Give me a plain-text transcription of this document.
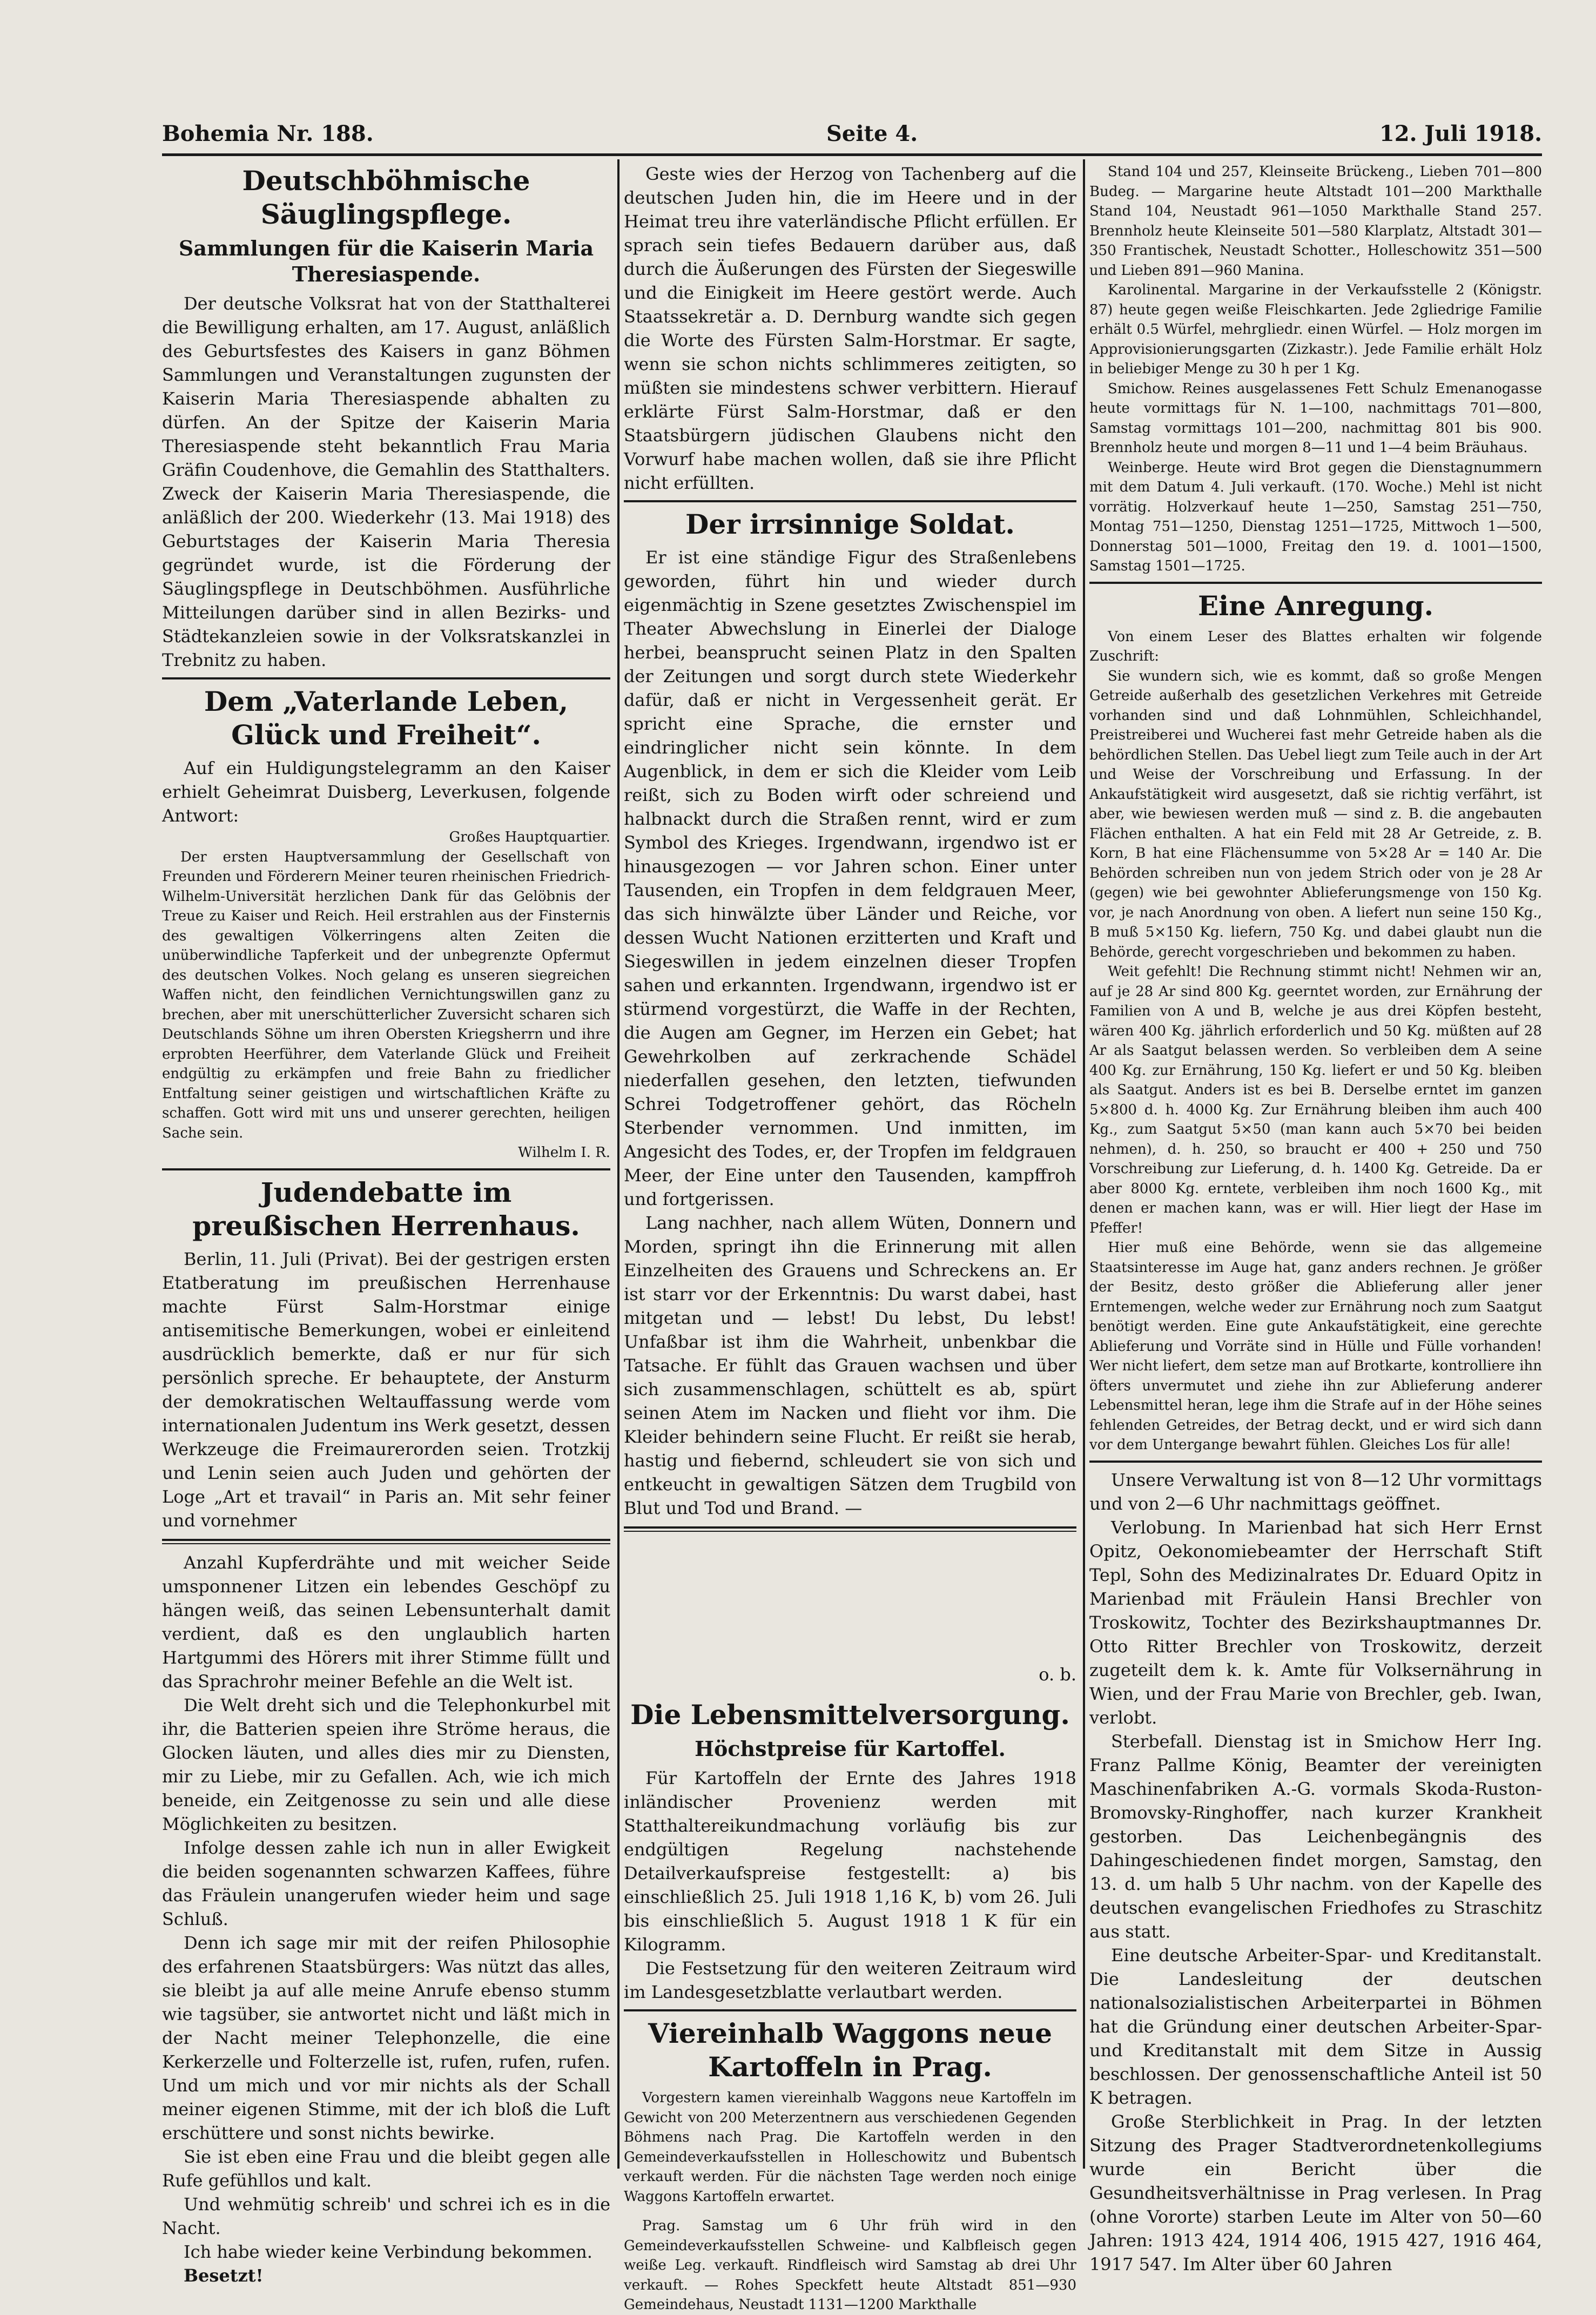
Bohemia Nr. 188.	Seite 4.	12. Juli 1918.
Deutschböhmische Säuglingspflege.
Sammlungen für die Kaiserin Maria Theresiaspende.

Der deutsche Volksrat hat von der Statthalterei die Bewilligung erhalten, am 17. August, anläßlich des Geburtsfestes des Kaisers in ganz Böhmen Sammlungen und Veranstaltungen zugunsten der Kaiserin Maria Theresiaspende abhalten zu dürfen. An der Spitze der Kaiserin Maria Theresiaspende steht bekanntlich Frau Maria Gräfin Coudenhove, die Gemahlin des Statthalters. Zweck der Kaiserin Maria Theresiaspende, die anläßlich der 200. Wiederkehr (13. Mai 1918) des Geburtstages der Kaiserin Maria Theresia gegründet wurde, ist die Förderung der Säuglingspflege in Deutschböhmen. Ausführliche Mitteilungen darüber sind in allen Bezirks- und Städtekanzleien sowie in der Volksratskanzlei in Trebnitz zu haben.

Dem „Vaterlande Leben, Glück und Freiheit“.

Auf ein Huldigungstelegramm an den Kaiser erhielt Geheimrat Duisberg, Leverkusen, folgende Antwort:

Großes Hauptquartier.

Der ersten Hauptversammlung der Gesellschaft von Freunden und Förderern Meiner teuren rheinischen Friedrich-Wilhelm-Universität herzlichen Dank für das Gelöbnis der Treue zu Kaiser und Reich. Heil erstrahlen aus der Finsternis des gewaltigen Völkerringens alten Zeiten die unüberwindliche Tapferkeit und der unbegrenzte Opfermut des deutschen Volkes. Noch gelang es unseren siegreichen Waffen nicht, den feindlichen Vernichtungswillen ganz zu brechen, aber mit unerschütterlicher Zuversicht scharen sich Deutschlands Söhne um ihren Obersten Kriegsherrn und ihre erprobten Heerführer, dem Vaterlande Glück und Freiheit endgültig zu erkämpfen und freie Bahn zu friedlicher Entfaltung seiner geistigen und wirtschaftlichen Kräfte zu schaffen. Gott wird mit uns und unserer gerechten, heiligen Sache sein.

Wilhelm I. R.

Judendebatte im preußischen Herrenhaus.

Berlin, 11. Juli (Privat). Bei der gestrigen ersten Etatberatung im preußischen Herrenhause machte Fürst Salm-Horstmar einige antisemitische Bemerkungen, wobei er einleitend ausdrücklich bemerkte, daß er nur für sich persönlich spreche. Er behauptete, der Ansturm der demokratischen Weltauffassung werde vom internationalen Judentum ins Werk gesetzt, dessen Werkzeuge die Freimaurerorden seien. Trotzkij und Lenin seien auch Juden und gehörten der Loge „Art et travail“ in Paris an. Mit sehr feiner und vornehmer

Anzahl Kupferdrähte und mit weicher Seide umsponnener Litzen ein lebendes Geschöpf zu hängen weiß, das seinen Lebensunterhalt damit verdient, daß es den unglaublich harten Hartgummi des Hörers mit ihrer Stimme füllt und das Sprachrohr meiner Befehle an die Welt ist.

Die Welt dreht sich und die Telephonkurbel mit ihr, die Batterien speien ihre Ströme heraus, die Glocken läuten, und alles dies mir zu Diensten, mir zu Liebe, mir zu Gefallen. Ach, wie ich mich beneide, ein Zeitgenosse zu sein und alle diese Möglichkeiten zu besitzen.

Infolge dessen zahle ich nun in aller Ewigkeit die beiden sogenannten schwarzen Kaffees, führe das Fräulein unangerufen wieder heim und sage Schluß.

Denn ich sage mir mit der reifen Philosophie des erfahrenen Staatsbürgers: Was nützt das alles, sie bleibt ja auf alle meine Anrufe ebenso stumm wie tagsüber, sie antwortet nicht und läßt mich in der Nacht meiner Telephonzelle, die eine Kerkerzelle und Folterzelle ist, rufen, rufen, rufen. Und um mich und vor mir nichts als der Schall meiner eigenen Stimme, mit der ich bloß die Luft erschüttere und sonst nichts bewirke.

Sie ist eben eine Frau und die bleibt gegen alle Rufe gefühllos und kalt.

Und wehmütig schreib' und schrei ich es in die Nacht.

Ich habe wieder keine Verbindung bekommen.

Besetzt!

Geste wies der Herzog von Tachenberg auf die deutschen Juden hin, die im Heere und in der Heimat treu ihre vaterländische Pflicht erfüllen. Er sprach sein tiefes Bedauern darüber aus, daß durch die Äußerungen des Fürsten der Siegeswille und die Einigkeit im Heere gestört werde. Auch Staatssekretär a. D. Dernburg wandte sich gegen die Worte des Fürsten Salm-Horstmar. Er sagte, wenn sie schon nichts schlimmeres zeitigten, so müßten sie mindestens schwer verbittern. Hierauf erklärte Fürst Salm-Horstmar, daß er den Staatsbürgern jüdischen Glaubens nicht den Vorwurf habe machen wollen, daß sie ihre Pflicht nicht erfüllten.

Der irrsinnige Soldat.

Er ist eine ständige Figur des Straßenlebens geworden, führt hin und wieder durch eigenmächtig in Szene gesetztes Zwischenspiel im Theater Abwechslung in Einerlei der Dialoge herbei, beansprucht seinen Platz in den Spalten der Zeitungen und sorgt durch stete Wiederkehr dafür, daß er nicht in Vergessenheit gerät. Er spricht eine Sprache, die ernster und eindringlicher nicht sein könnte. In dem Augenblick, in dem er sich die Kleider vom Leib reißt, sich zu Boden wirft oder schreiend und halbnackt durch die Straßen rennt, wird er zum Symbol des Krieges. Irgendwann, irgendwo ist er hinausgezogen — vor Jahren schon. Einer unter Tausenden, ein Tropfen in dem feldgrauen Meer, das sich hinwälzte über Länder und Reiche, vor dessen Wucht Nationen erzitterten und Kraft und Siegeswillen in jedem einzelnen dieser Tropfen sahen und erkannten. Irgendwann, irgendwo ist er stürmend vorgestürzt, die Waffe in der Rechten, die Augen am Gegner, im Herzen ein Gebet; hat Gewehrkolben auf zerkrachende Schädel niederfallen gesehen, den letzten, tiefwunden Schrei Todgetroffener gehört, das Röcheln Sterbender vernommen. Und inmitten, im Angesicht des Todes, er, der Tropfen im feldgrauen Meer, der Eine unter den Tausenden, kampffroh und fortgerissen.

Lang nachher, nach allem Wüten, Donnern und Morden, springt ihn die Erinnerung mit allen Einzelheiten des Grauens und Schreckens an. Er ist starr vor der Erkenntnis: Du warst dabei, hast mitgetan und — lebst! Du lebst, Du lebst! Unfaßbar ist ihm die Wahrheit, unbenkbar die Tatsache. Er fühlt das Grauen wachsen und über sich zusammenschlagen, schüttelt es ab, spürt seinen Atem im Nacken und flieht vor ihm. Die Kleider behindern seine Flucht. Er reißt sie herab, hastig und fiebernd, schleudert sie von sich und entkeucht in gewaltigen Sätzen dem Trugbild von Blut und Tod und Brand. —

o. b.

Die Lebensmittelversorgung.
Höchstpreise für Kartoffel.

Für Kartoffeln der Ernte des Jahres 1918 inländischer Provenienz werden mit Statthaltereikundmachung vorläufig bis zur endgültigen Regelung nachstehende Detailverkaufspreise festgestellt: a) bis einschließlich 25. Juli 1918 1,16 K, b) vom 26. Juli bis einschließlich 5. August 1918 1 K für ein Kilogramm.

Die Festsetzung für den weiteren Zeitraum wird im Landesgesetzblatte verlautbart werden.

Viereinhalb Waggons neue Kartoffeln in Prag.

Vorgestern kamen viereinhalb Waggons neue Kartoffeln im Gewicht von 200 Meterzentnern aus verschiedenen Gegenden Böhmens nach Prag. Die Kartoffeln werden in den Gemeindeverkaufsstellen in Holleschowitz und Bubentsch verkauft werden. Für die nächsten Tage werden noch einige Waggons Kartoffeln erwartet.

Prag. Samstag um 6 Uhr früh wird in den Gemeindeverkaufsstellen Schweine- und Kalbfleisch gegen weiße Leg. verkauft. Rindfleisch wird Samstag ab drei Uhr verkauft. — Rohes Speckfett heute Altstadt 851—930 Gemeindehaus, Neustadt 1131—1200 Markthalle

Stand 104 und 257, Kleinseite Brückeng., Lieben 701—800 Budeg. — Margarine heute Altstadt 101—200 Markthalle Stand 104, Neustadt 961—1050 Markthalle Stand 257. Brennholz heute Kleinseite 501—580 Klarplatz, Altstadt 301—350 Frantischek, Neustadt Schotter., Holleschowitz 351—500 und Lieben 891—960 Manina.

Karolinental. Margarine in der Verkaufsstelle 2 (Königstr. 87) heute gegen weiße Fleischkarten. Jede 2gliedrige Familie erhält 0.5 Würfel, mehrgliedr. einen Würfel. — Holz morgen im Approvisionierungsgarten (Zizkastr.). Jede Familie erhält Holz in beliebiger Menge zu 30 h per 1 Kg.

Smichow. Reines ausgelassenes Fett Schulz Emenanogasse heute vormittags für N. 1—100, nachmittags 701—800, Samstag vormittags 101—200, nachmittag 801 bis 900. Brennholz heute und morgen 8—11 und 1—4 beim Bräuhaus.

Weinberge. Heute wird Brot gegen die Dienstagnummern mit dem Datum 4. Juli verkauft. (170. Woche.) Mehl ist nicht vorrätig. Holzverkauf heute 1—250, Samstag 251—750, Montag 751—1250, Dienstag 1251—1725, Mittwoch 1—500, Donnerstag 501—1000, Freitag den 19. d. 1001—1500, Samstag 1501—1725.

Eine Anregung.

Von einem Leser des Blattes erhalten wir folgende Zuschrift:

Sie wundern sich, wie es kommt, daß so große Mengen Getreide außerhalb des gesetzlichen Verkehres mit Getreide vorhanden sind und daß Lohnmühlen, Schleichhandel, Preistreiberei und Wucherei fast mehr Getreide haben als die behördlichen Stellen. Das Uebel liegt zum Teile auch in der Art und Weise der Vorschreibung und Erfassung. In der Ankaufstätigkeit wird ausgesetzt, daß sie richtig verfährt, ist aber, wie bewiesen werden muß — sind z. B. die angebauten Flächen enthalten. A hat ein Feld mit 28 Ar Getreide, z. B. Korn, B hat eine Flächensumme von 5×28 Ar = 140 Ar. Die Behörden schreiben nun von jedem Strich oder von je 28 Ar (gegen) wie bei gewohnter Ablieferungsmenge von 150 Kg. vor, je nach Anordnung von oben. A liefert nun seine 150 Kg., B muß 5×150 Kg. liefern, 750 Kg. und dabei glaubt nun die Behörde, gerecht vorgeschrieben und bekommen zu haben.

Weit gefehlt! Die Rechnung stimmt nicht! Nehmen wir an, auf je 28 Ar sind 800 Kg. geerntet worden, zur Ernährung der Familien von A und B, welche je aus drei Köpfen besteht, wären 400 Kg. jährlich erforderlich und 50 Kg. müßten auf 28 Ar als Saatgut belassen werden. So verbleiben dem A seine 400 Kg. zur Ernährung, 150 Kg. liefert er und 50 Kg. bleiben als Saatgut. Anders ist es bei B. Derselbe erntet im ganzen 5×800 d. h. 4000 Kg. Zur Ernährung bleiben ihm auch 400 Kg., zum Saatgut 5×50 (man kann auch 5×70 bei beiden nehmen), d. h. 250, so braucht er 400 + 250 und 750 Vorschreibung zur Lieferung, d. h. 1400 Kg. Getreide. Da er aber 8000 Kg. erntete, verbleiben ihm noch 1600 Kg., mit denen er machen kann, was er will. Hier liegt der Hase im Pfeffer!

Hier muß eine Behörde, wenn sie das allgemeine Staatsinteresse im Auge hat, ganz anders rechnen. Je größer der Besitz, desto größer die Ablieferung aller jener Erntemengen, welche weder zur Ernährung noch zum Saatgut benötigt werden. Eine gute Ankaufstätigkeit, eine gerechte Ablieferung und Vorräte sind in Hülle und Fülle vorhanden! Wer nicht liefert, dem setze man auf Brotkarte, kontrolliere ihn öfters unvermutet und ziehe ihn zur Ablieferung anderer Lebensmittel heran, lege ihm die Strafe auf in der Höhe seines fehlenden Getreides, der Betrag deckt, und er wird sich dann vor dem Untergange bewahrt fühlen. Gleiches Los für alle!

Unsere Verwaltung ist von 8—12 Uhr vormittags und von 2—6 Uhr nachmittags geöffnet.

Verlobung. In Marienbad hat sich Herr Ernst Opitz, Oekonomiebeamter der Herrschaft Stift Tepl, Sohn des Medizinalrates Dr. Eduard Opitz in Marienbad mit Fräulein Hansi Brechler von Troskowitz, Tochter des Bezirkshauptmannes Dr. Otto Ritter Brechler von Troskowitz, derzeit zugeteilt dem k. k. Amte für Volksernährung in Wien, und der Frau Marie von Brechler, geb. Iwan, verlobt.

Sterbefall. Dienstag ist in Smichow Herr Ing. Franz Pallme König, Beamter der vereinigten Maschinenfabriken A.-G. vormals Skoda-Ruston-Bromovsky-Ringhoffer, nach kurzer Krankheit gestorben. Das Leichenbegängnis des Dahingeschiedenen findet morgen, Samstag, den 13. d. um halb 5 Uhr nachm. von der Kapelle des deutschen evangelischen Friedhofes zu Straschitz aus statt.

Eine deutsche Arbeiter-Spar- und Kreditanstalt. Die Landesleitung der deutschen nationalsozialistischen Arbeiterpartei in Böhmen hat die Gründung einer deutschen Arbeiter-Spar- und Kreditanstalt mit dem Sitze in Aussig beschlossen. Der genossenschaftliche Anteil ist 50 K betragen.

Große Sterblichkeit in Prag. In der letzten Sitzung des Prager Stadtverordnetenkollegiums wurde ein Bericht über die Gesundheitsverhältnisse in Prag verlesen. In Prag (ohne Vororte) starben Leute im Alter von 50—60 Jahren: 1913 424, 1914 406, 1915 427, 1916 464, 1917 547. Im Alter über 60 Jahren
